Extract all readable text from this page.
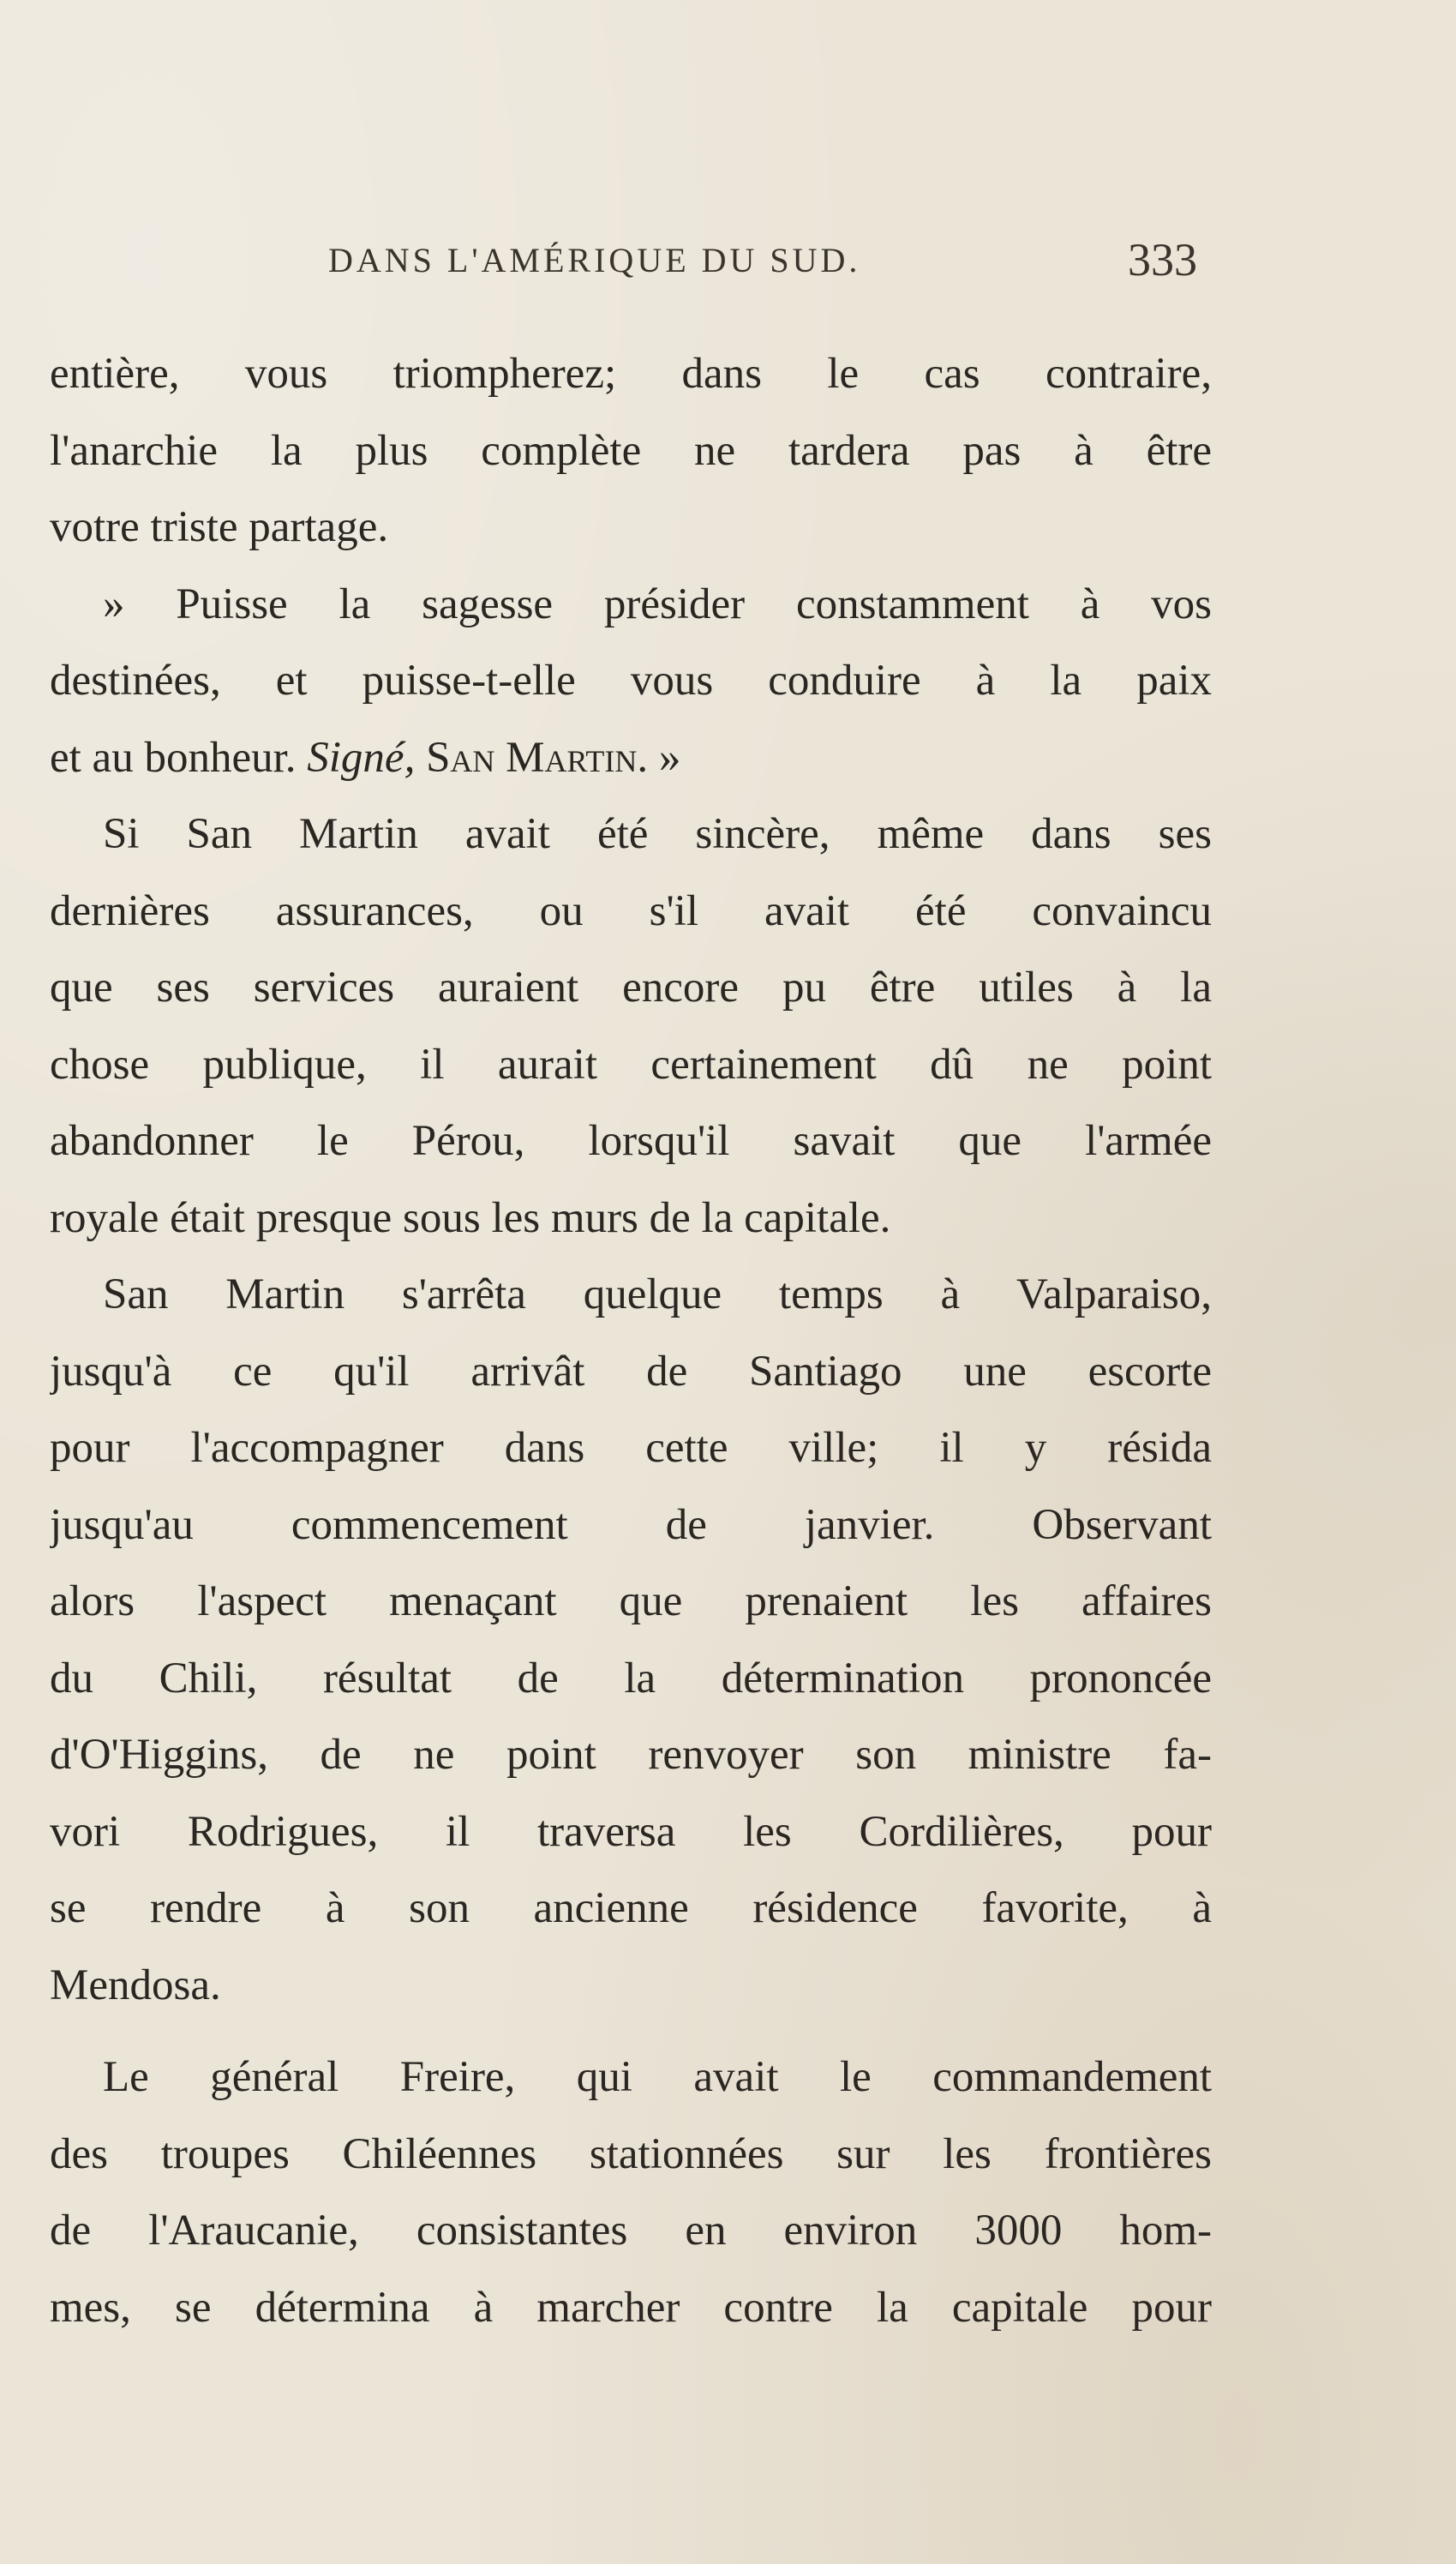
DANS L'AMÉRIQUE DU SUD.	333
entière, vous triompherez; dans le cas contraire,
l'anarchie la plus complète ne tardera pas à être
votre triste partage.
» Puisse la sagesse présider constamment à vos
destinées, et puisse-t-elle vous conduire à la paix
et au bonheur. Signé, San Martin. »
Si San Martin avait été sincère, même dans ses
dernières assurances, ou s'il avait été convaincu
que ses services auraient encore pu être utiles à la
chose publique, il aurait certainement dû ne point
abandonner le Pérou, lorsqu'il savait que l'armée
royale était presque sous les murs de la capitale.
San Martin s'arrêta quelque temps à Valparaiso,
jusqu'à ce qu'il arrivât de Santiago une escorte
pour l'accompagner dans cette ville; il y résida
jusqu'au commencement de janvier. Observant
alors l'aspect menaçant que prenaient les affaires
du Chili, résultat de la détermination prononcée
d'O'Higgins, de ne point renvoyer son ministre fa-
vori Rodrigues, il traversa les Cordilières, pour
se rendre à son ancienne résidence favorite, à
Mendosa.
Le général Freire, qui avait le commandement
des troupes Chiléennes stationnées sur les frontières
de l'Araucanie, consistantes en environ 3000 hom-
mes, se détermina à marcher contre la capitale pour
